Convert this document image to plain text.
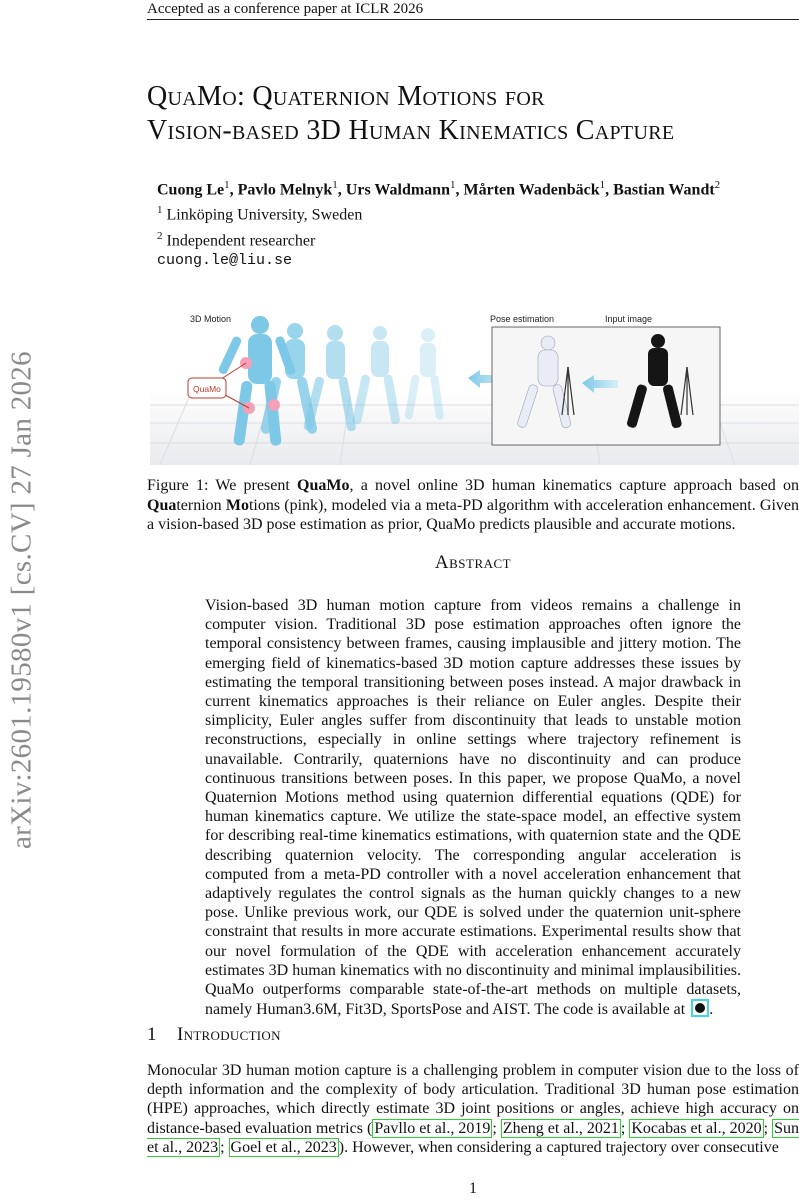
Accepted as a conference paper at ICLR 2026
arXiv:2601.19580v1 [cs.CV] 27 Jan 2026
QuaMo: Quaternion Motions for
Vision-based 3D Human Kinematics Capture
Cuong Le$^1$, Pavlo Melnyk$^1$, Urs Waldmann$^1$, Mårten Wadenbäck$^1$, Bastian Wandt$^2$
$^1$ Linköping University, Sweden
$^2$ Independent researcher
cuong.le@liu.se
3D Motion	Pose estimation	Input image
QuaMo
Figure 1: We present QuaMo, a novel online 3D human kinematics capture approach based on Quaternion Motions (pink), modeled via a meta-PD algorithm with acceleration enhancement. Given a vision-based 3D pose estimation as prior, QuaMo predicts plausible and accurate motions.
Abstract
Vision-based 3D human motion capture from videos remains a challenge in computer vision. Traditional 3D pose estimation approaches often ignore the temporal consistency between frames, causing implausible and jittery motion. The emerging field of kinematics-based 3D motion capture addresses these issues by estimating the temporal transitioning between poses instead. A major drawback in current kinematics approaches is their reliance on Euler angles. Despite their simplicity, Euler angles suffer from discontinuity that leads to unstable motion reconstructions, especially in online settings where trajectory refinement is unavailable. Contrarily, quaternions have no discontinuity and can produce continuous transitions between poses. In this paper, we propose QuaMo, a novel Quaternion Motions method using quaternion differential equations (QDE) for human kinematics capture. We utilize the state-space model, an effective system for describing real-time kinematics estimations, with quaternion state and the QDE describing quaternion velocity. The corresponding angular acceleration is computed from a meta-PD controller with a novel acceleration enhancement that adaptively regulates the control signals as the human quickly changes to a new pose. Unlike previous work, our QDE is solved under the quaternion unit-sphere constraint that results in more accurate estimations. Experimental results show that our novel formulation of the QDE with acceleration enhancement accurately estimates 3D human kinematics with no discontinuity and minimal implausibilities. QuaMo outperforms comparable state-of-the-art methods on multiple datasets, namely Human3.6M, Fit3D, SportsPose and AIST. The code is available at .
1 Introduction
Monocular 3D human motion capture is a challenging problem in computer vision due to the loss of depth information and the complexity of body articulation. Traditional 3D human pose estimation (HPE) approaches, which directly estimate 3D joint positions or angles, achieve high accuracy on distance-based evaluation metrics ( Pavllo et al., 2019 ; Zheng et al., 2021 ; Kocabas et al., 2020 ; Sun et al., 2023 ; Goel et al., 2023 ). However, when considering a captured trajectory over consecutive
1
